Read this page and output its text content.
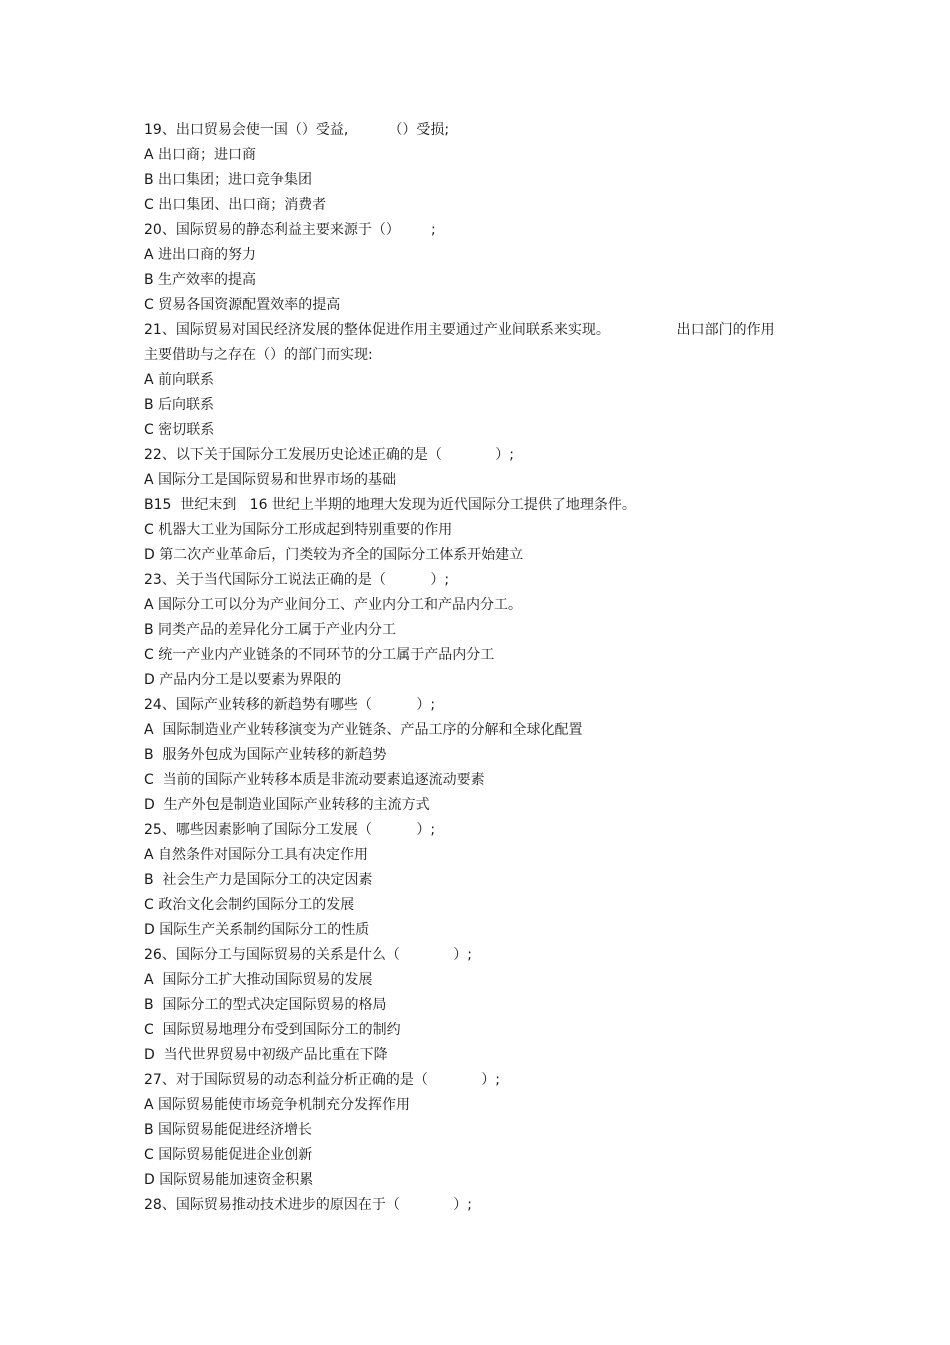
19、出口贸易会使一国（）受益,         （）受损;
A 出口商；进口商
B 出口集团；进口竞争集团
C 出口集团、出口商；消费者
20、国际贸易的静态利益主要来源于（）       ;
A 进出口商的努力
B 生产效率的提高
C 贸易各国资源配置效率的提高
21、国际贸易对国民经济发展的整体促进作用主要通过产业间联系来实现。               出口部门的作用
主要借助与之存在（）的部门而实现:
A 前向联系
B 后向联系
C 密切联系
22、以下关于国际分工发展历史论述正确的是（            ）;
A 国际分工是国际贸易和世界市场的基础
B15  世纪末到   16 世纪上半期的地理大发现为近代国际分工提供了地理条件。
C 机器大工业为国际分工形成起到特别重要的作用
D 第二次产业革命后，门类较为齐全的国际分工体系开始建立
23、关于当代国际分工说法正确的是（          ）;
A 国际分工可以分为产业间分工、产业内分工和产品内分工。
B 同类产品的差异化分工属于产业内分工
C 统一产业内产业链条的不同环节的分工属于产品内分工
D 产品内分工是以要素为界限的
24、国际产业转移的新趋势有哪些（          ）;
A  国际制造业产业转移演变为产业链条、产品工序的分解和全球化配置
B  服务外包成为国际产业转移的新趋势
C  当前的国际产业转移本质是非流动要素追逐流动要素
D  生产外包是制造业国际产业转移的主流方式
25、哪些因素影响了国际分工发展（          ）;
A 自然条件对国际分工具有决定作用
B  社会生产力是国际分工的决定因素
C 政治文化会制约国际分工的发展
D 国际生产关系制约国际分工的性质
26、国际分工与国际贸易的关系是什么（            ）;
A  国际分工扩大推动国际贸易的发展
B  国际分工的型式决定国际贸易的格局
C  国际贸易地理分布受到国际分工的制约
D  当代世界贸易中初级产品比重在下降
27、对于国际贸易的动态利益分析正确的是（            ）;
A 国际贸易能使市场竞争机制充分发挥作用
B 国际贸易能促进经济增长
C 国际贸易能促进企业创新
D 国际贸易能加速资金积累
28、国际贸易推动技术进步的原因在于（            ）;
